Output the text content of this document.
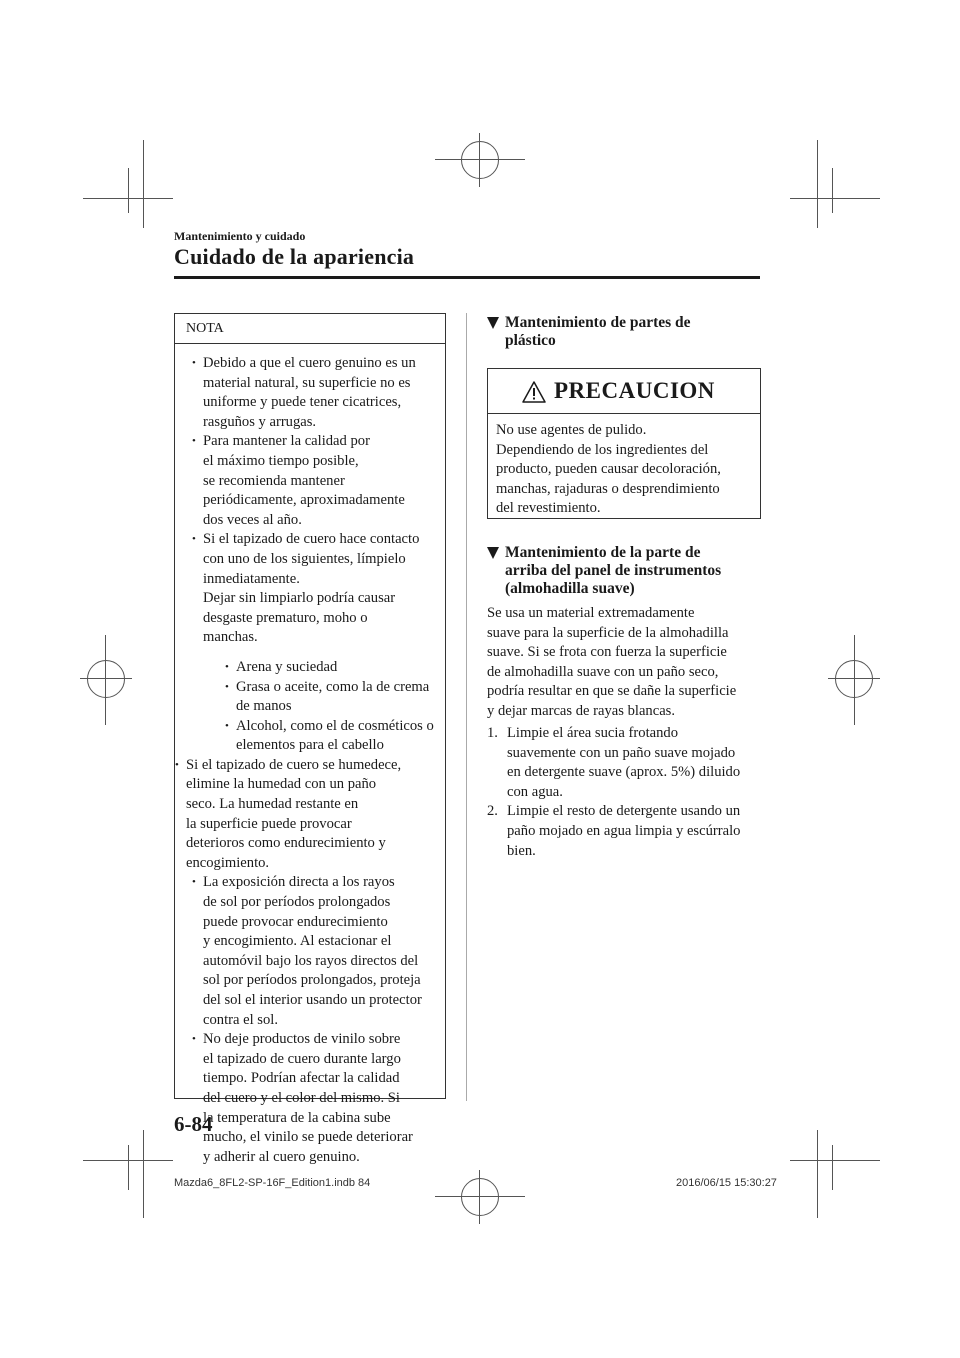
Mantenimiento y cuidado
Cuidado de la apariencia
NOTA
• Debido a que el cuero genuino es un
material natural, su superficie no es
uniforme y puede tener cicatrices,
rasguños y arrugas.
• Para mantener la calidad por
el máximo tiempo posible,
se recomienda mantener
periódicamente, aproximadamente
dos veces al año.
• Si el tapizado de cuero hace contacto
con uno de los siguientes, límpielo
inmediatamente.
Dejar sin limpiarlo podría causar
desgaste prematuro, moho o
manchas.
• Arena y suciedad
• Grasa o aceite, como la de crema
de manos
• Alcohol, como el de cosméticos o
elementos para el cabello
• Si el tapizado de cuero se humedece,
elimine la humedad con un paño
seco. La humedad restante en
la superficie puede provocar
deterioros como endurecimiento y
encogimiento.
• La exposición directa a los rayos
de sol por períodos prolongados
puede provocar endurecimiento
y encogimiento. Al estacionar el
automóvil bajo los rayos directos del
sol por períodos prolongados, proteja
del sol el interior usando un protector
contra el sol.
• No deje productos de vinilo sobre
el tapizado de cuero durante largo
tiempo. Podrían afectar la calidad
del cuero y el color del mismo. Si
la temperatura de la cabina sube
mucho, el vinilo se puede deteriorar
y adherir al cuero genuino.
Mantenimiento de partes de
plástico
PRECAUCION
No use agentes de pulido.
Dependiendo de los ingredientes del
producto, pueden causar decoloración,
manchas, rajaduras o desprendimiento
del revestimiento.
Mantenimiento de la parte de
arriba del panel de instrumentos
(almohadilla suave)
Se usa un material extremadamente
suave para la superficie de la almohadilla
suave. Si se frota con fuerza la superficie
de almohadilla suave con un paño seco,
podría resultar en que se dañe la superficie
y dejar marcas de rayas blancas.
1. Limpie el área sucia frotando
suavemente con un paño suave mojado
en detergente suave (aprox. 5%) diluido
con agua.
2. Limpie el resto de detergente usando un
paño mojado en agua limpia y escúrralo
bien.
6-84
Mazda6_8FL2-SP-16F_Edition1.indb 84	2016/06/15 15:30:27
